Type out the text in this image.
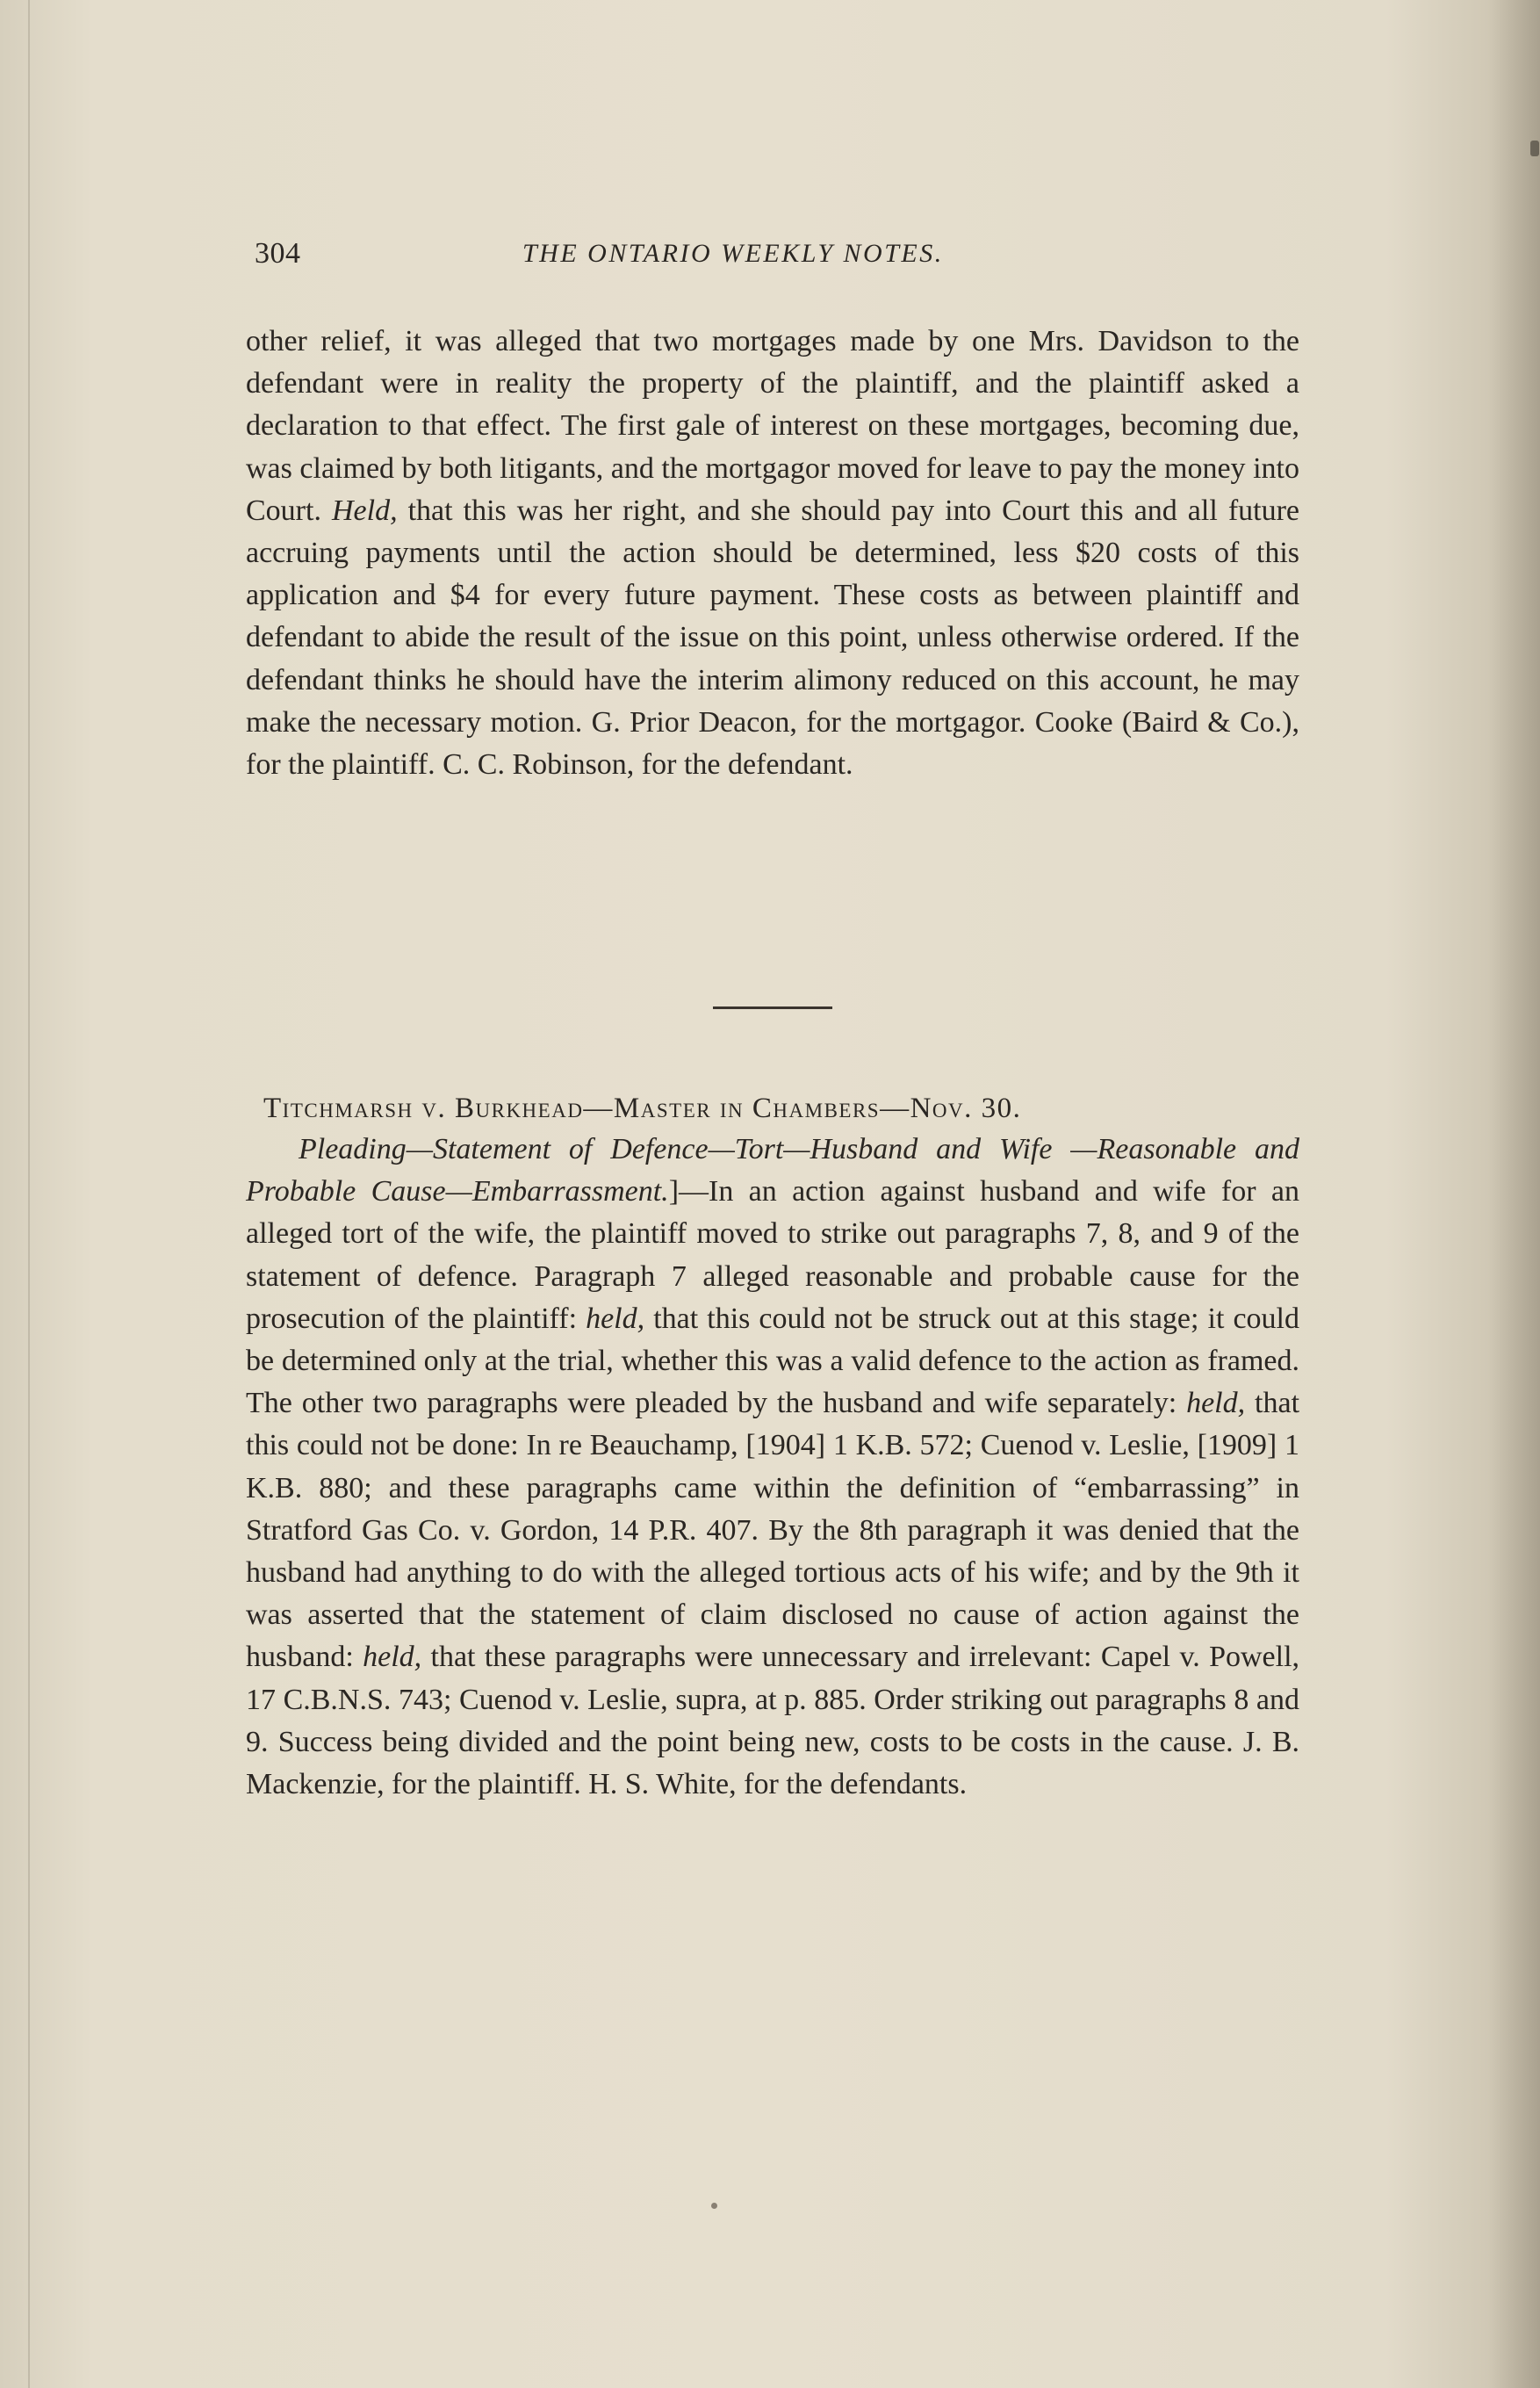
304	THE ONTARIO WEEKLY NOTES.
other relief, it was alleged that two mortgages made by one Mrs. Davidson to the defendant were in reality the property of the plaintiff, and the plaintiff asked a declaration to that effect. The first gale of interest on these mortgages, becoming due, was claimed by both litigants, and the mortgagor moved for leave to pay the money into Court. Held, that this was her right, and she should pay into Court this and all future accruing payments until the action should be determined, less $20 costs of this application and $4 for every future payment. These costs as between plaintiff and defendant to abide the result of the issue on this point, unless otherwise ordered. If the defendant thinks he should have the interim alimony reduced on this account, he may make the necessary motion. G. Prior Deacon, for the mortgagor. Cooke (Baird & Co.), for the plaintiff. C. C. Robinson, for the defendant.
Titchmarsh v. Burkhead—Master in Chambers—Nov. 30.
Pleading—Statement of Defence—Tort—Husband and Wife —Reasonable and Probable Cause—Embarrassment.]—In an action against husband and wife for an alleged tort of the wife, the plaintiff moved to strike out paragraphs 7, 8, and 9 of the statement of defence. Paragraph 7 alleged reasonable and probable cause for the prosecution of the plaintiff: held, that this could not be struck out at this stage; it could be determined only at the trial, whether this was a valid defence to the action as framed. The other two paragraphs were pleaded by the husband and wife separately: held, that this could not be done: In re Beauchamp, [1904] 1 K.B. 572; Cuenod v. Leslie, [1909] 1 K.B. 880; and these paragraphs came within the definition of “embarrassing” in Stratford Gas Co. v. Gordon, 14 P.R. 407. By the 8th paragraph it was denied that the husband had anything to do with the alleged tortious acts of his wife; and by the 9th it was asserted that the statement of claim disclosed no cause of action against the husband: held, that these paragraphs were unnecessary and irrelevant: Capel v. Powell, 17 C.B.N.S. 743; Cuenod v. Leslie, supra, at p. 885. Order striking out paragraphs 8 and 9. Success being divided and the point being new, costs to be costs in the cause. J. B. Mackenzie, for the plaintiff. H. S. White, for the defendants.
